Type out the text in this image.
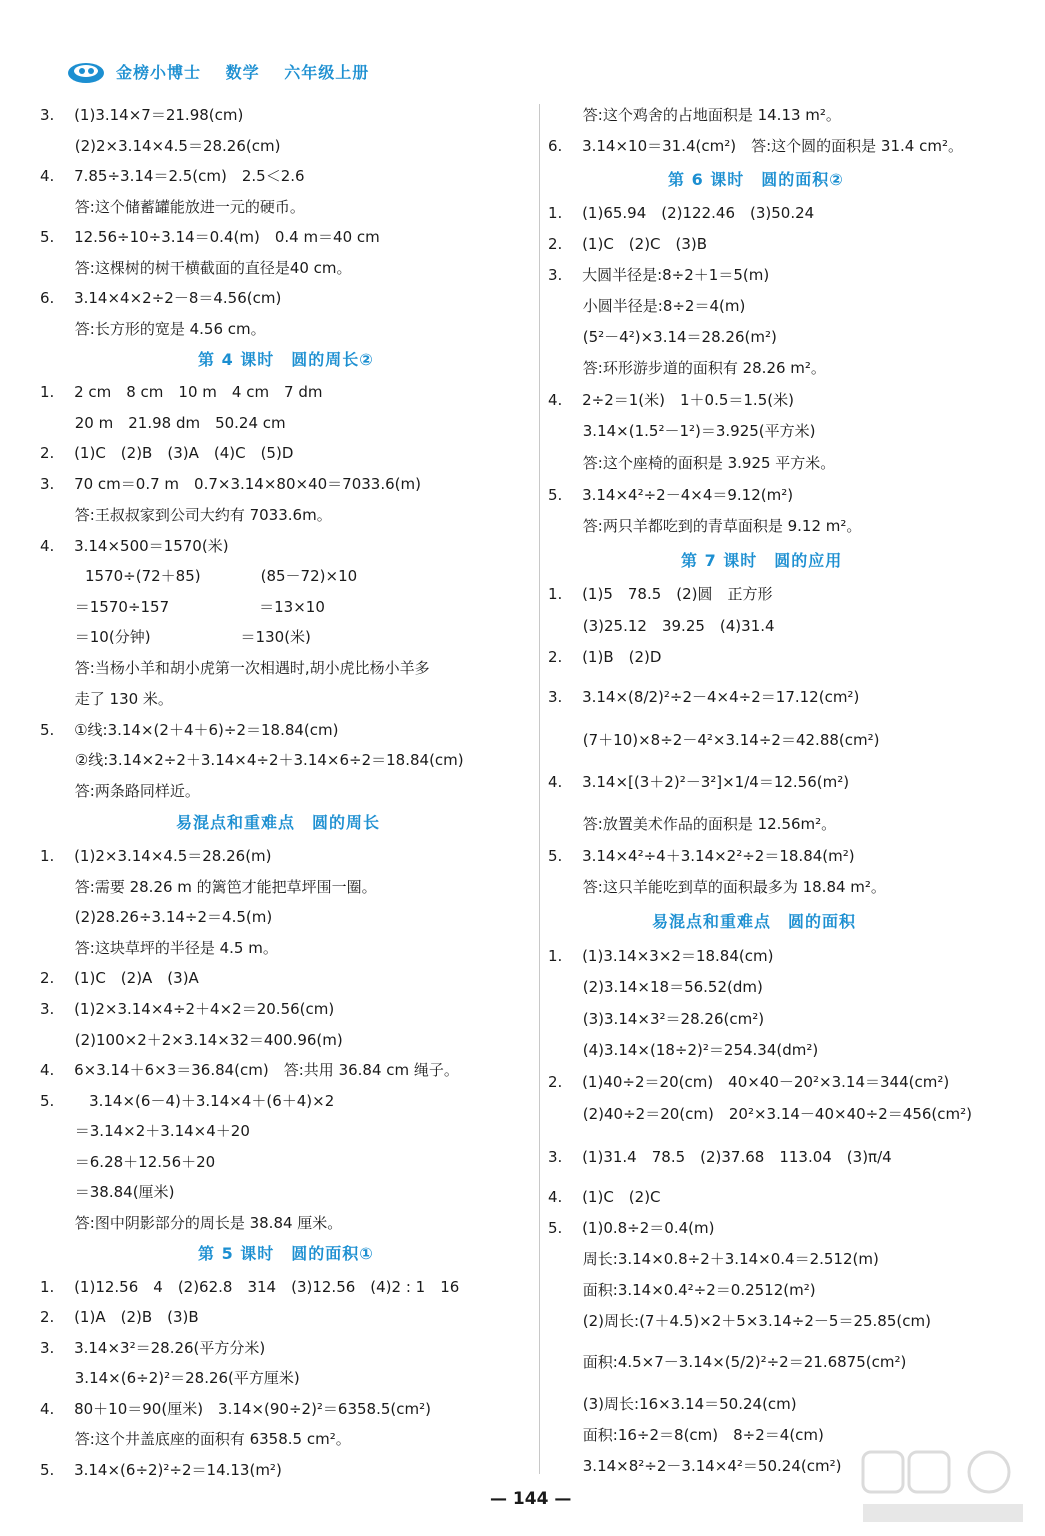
金榜小博士 数学 六年级上册
3.　 (1)3.14×7＝21.98(cm)
　　 (2)2×3.14×4.5＝28.26(cm)
4.　 7.85÷3.14＝2.5(cm)　2.5＜2.6
　　 答:这个储蓄罐能放进一元的硬币。
5.　 12.56÷10÷3.14＝0.4(m)　0.4 m＝40 cm
　　 答:这棵树的树干横截面的直径是40 cm。
6.　 3.14×4×2÷2－8＝4.56(cm)
　　 答:长方形的宽是 4.56 cm。
第 4 课时　圆的周长②
1.　 2 cm　8 cm　10 m　4 cm　7 dm
　　 20 m　21.98 dm　50.24 cm
2.　 (1)C　(2)B　(3)A　(4)C　(5)D
3.　 70 cm＝0.7 m　0.7×3.14×80×40＝7033.6(m)
　　 答:王叔叔家到公司大约有 7033.6m。
4.　 3.14×500＝1570(米)
　　　1570÷(72＋85)　　　　(85－72)×10
　　 ＝1570÷157　　　　　　＝13×10
　　 ＝10(分钟)　　　　　　＝130(米)
　　 答:当杨小羊和胡小虎第一次相遇时,胡小虎比杨小羊多
　　 走了 130 米。
5.　 ①线:3.14×(2＋4＋6)÷2＝18.84(cm)
　　 ②线:3.14×2÷2＋3.14×4÷2＋3.14×6÷2＝18.84(cm)
　　 答:两条路同样近。
易混点和重难点　圆的周长
1.　 (1)2×3.14×4.5＝28.26(m)
　　 答:需要 28.26 m 的篱笆才能把草坪围一圈。
　　 (2)28.26÷3.14÷2＝4.5(m)
　　 答:这块草坪的半径是 4.5 m。
2.　 (1)C　(2)A　(3)A
3.　 (1)2×3.14×4÷2＋4×2＝20.56(cm)
　　 (2)100×2＋2×3.14×32＝400.96(m)
4.　 6×3.14＋6×3＝36.84(cm)　答:共用 36.84 cm 绳子。
5.　　 3.14×(6－4)＋3.14×4＋(6＋4)×2
　　 ＝3.14×2＋3.14×4＋20
　　 ＝6.28＋12.56＋20
　　 ＝38.84(厘米)
　　 答:图中阴影部分的周长是 38.84 厘米。
第 5 课时　圆的面积①
1.　 (1)12.56　4　(2)62.8　314　(3)12.56　(4)2 : 1　16
2.　 (1)A　(2)B　(3)B
3.　 3.14×3²＝28.26(平方分米)
　　 3.14×(6÷2)²＝28.26(平方厘米)
4.　 80＋10＝90(厘米)　3.14×(90÷2)²＝6358.5(cm²)
　　 答:这个井盖底座的面积有 6358.5 cm²。
5.　 3.14×(6÷2)²÷2＝14.13(m²)
　　 答:这个鸡舍的占地面积是 14.13 m²。
6.　 3.14×10＝31.4(cm²)　答:这个圆的面积是 31.4 cm²。
第 6 课时　圆的面积②
1.　 (1)65.94　(2)122.46　(3)50.24
2.　 (1)C　(2)C　(3)B
3.　 大圆半径是:8÷2＋1＝5(m)
　　 小圆半径是:8÷2＝4(m)
　　 (5²－4²)×3.14＝28.26(m²)
　　 答:环形游步道的面积有 28.26 m²。
4.　 2÷2＝1(米)　1＋0.5＝1.5(米)
　　 3.14×(1.5²－1²)＝3.925(平方米)
　　 答:这个座椅的面积是 3.925 平方米。
5.　 3.14×4²÷2－4×4＝9.12(m²)
　　 答:两只羊都吃到的青草面积是 9.12 m²。
第 7 课时　圆的应用
1.　 (1)5　78.5　(2)圆　正方形
　　 (3)25.12　39.25　(4)31.4
2.　 (1)B　(2)D
3.　 3.14×(8/2)²÷2－4×4÷2＝17.12(cm²)
　　 (7＋10)×8÷2－4²×3.14÷2＝42.88(cm²)
4.　 3.14×[(3＋2)²－3²]×1/4＝12.56(m²)
　　 答:放置美术作品的面积是 12.56m²。
5.　 3.14×4²÷4＋3.14×2²÷2＝18.84(m²)
　　 答:这只羊能吃到草的面积最多为 18.84 m²。
易混点和重难点　圆的面积
1.　 (1)3.14×3×2＝18.84(cm)
　　 (2)3.14×18＝56.52(dm)
　　 (3)3.14×3²＝28.26(cm²)
　　 (4)3.14×(18÷2)²＝254.34(dm²)
2.　 (1)40÷2＝20(cm)　40×40－20²×3.14＝344(cm²)
　　 (2)40÷2＝20(cm)　20²×3.14－40×40÷2＝456(cm²)
3.　 (1)31.4　78.5　(2)37.68　113.04　(3)π/4
4.　 (1)C　(2)C
5.　 (1)0.8÷2＝0.4(m)
　　 周长:3.14×0.8÷2＋3.14×0.4＝2.512(m)
　　 面积:3.14×0.4²÷2＝0.2512(m²)
　　 (2)周长:(7＋4.5)×2＋5×3.14÷2－5＝25.85(cm)
　　 面积:4.5×7－3.14×(5/2)²÷2＝21.6875(cm²)
　　 (3)周长:16×3.14＝50.24(cm)
　　 面积:16÷2＝8(cm)　8÷2＝4(cm)
　　 3.14×8²÷2－3.14×4²＝50.24(cm²)
— 144 —
